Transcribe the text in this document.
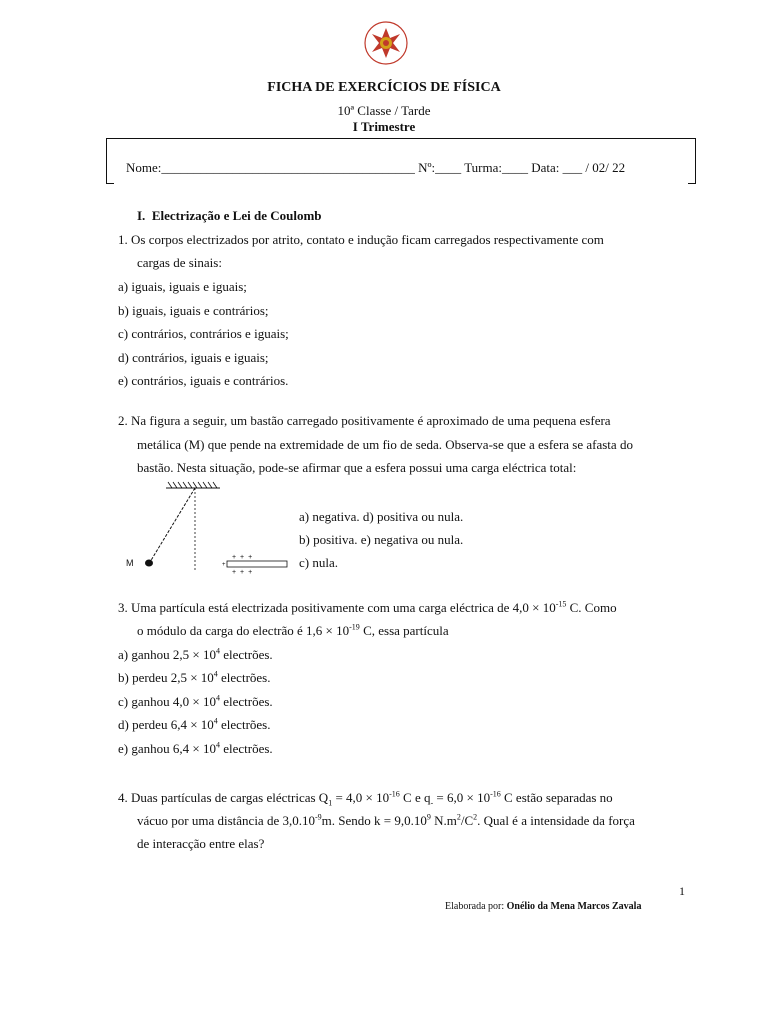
FICHA DE EXERCÍCIOS DE FÍSICA
10ª Classe / Tarde
I Trimestre
Nome:_______________________________________ Nº:____ Turma:____ Data: ___ / 02/ 22
I. Electrização e Lei de Coulomb
1. Os corpos electrizados por atrito, contato e indução ficam carregados respectivamente com
cargas de sinais:
a) iguais, iguais e iguais;
b) iguais, iguais e contrários;
c) contrários, contrários e iguais;
d) contrários, iguais e iguais;
e) contrários, iguais e contrários.
2. Na figura a seguir, um bastão carregado positivamente é aproximado de uma pequena esfera
metálica (M) que pende na extremidade de um fio de seda. Observa-se que a esfera se afasta do
bastão. Nesta situação, pode-se afirmar que a esfera possui uma carga eléctrica total:
M
+ + +
+
+ + +
a) negativa. d) positiva ou nula.
b) positiva. e) negativa ou nula.
c) nula.
3. Uma partícula está electrizada positivamente com uma carga eléctrica de $4,0 \times 10^{-15}$ C. Como
o módulo da carga do electrão é $1,6 \times 10^{-19}$ C, essa partícula
a) ganhou $2,5 \times 10^4$ electrões.
b) perdeu $2,5 \times 10^4$ electrões.
c) ganhou $4,0 \times 10^4$ electrões.
d) perdeu $6,4 \times 10^4$ electrões.
e) ganhou $6,4 \times 10^4$ electrões.
4. Duas partículas de cargas eléctricas $Q_1 = 4,0 \times 10^{-16}$ C e $q_- = 6,0 \times 10^{-16}$ C estão separadas no
vácuo por uma distância de $3,0.10^{-9}m$. Sendo $k = 9,0.10^9$ $N.m^2/C^2$. Qual é a intensidade da força
de interacção entre elas?
1
Elaborada por: Onélio da Mena Marcos Zavala
